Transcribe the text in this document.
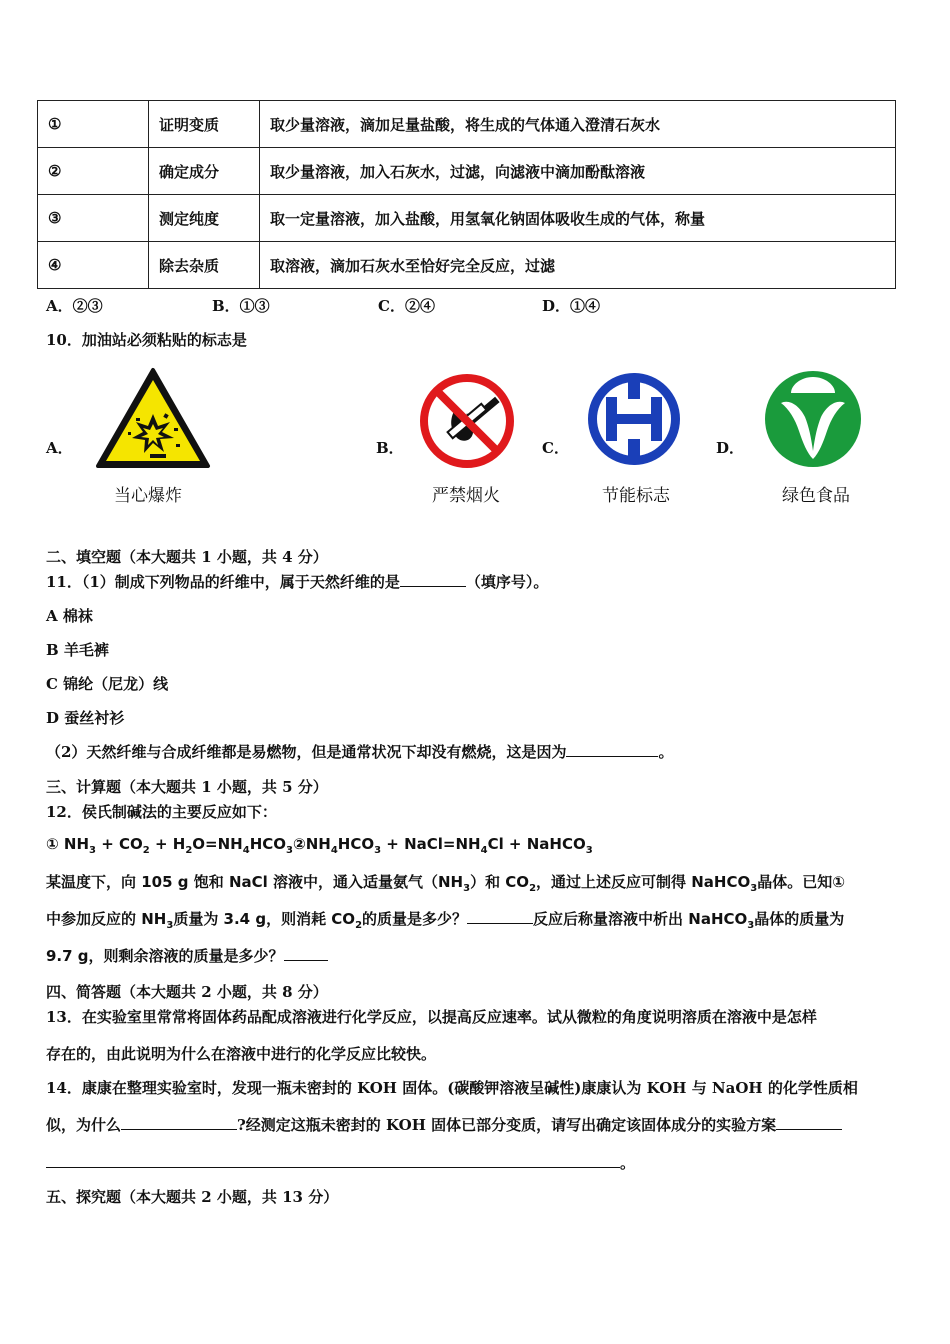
①	证明变质	取少量溶液，滴加足量盐酸，将生成的气体通入澄清石灰水
②	确定成分	取少量溶液，加入石灰水，过滤，向滤液中滴加酚酞溶液
③	测定纯度	取一定量溶液，加入盐酸，用氢氧化钠固体吸收生成的气体，称量
④	除去杂质	取溶液，滴加石灰水至恰好完全反应，过滤
A．②③	B．①③	C．②④	D．①④
10．加油站必须粘贴的标志是
A．	B．	C．	D．
当心爆炸	严禁烟火	节能标志	绿色食品
二、填空题（本大题共 1 小题，共 4 分）
11．（1）制成下列物品的纤维中，属于天然纤维的是	（填序号）。
A 棉袜
B 羊毛裤
C 锦纶（尼龙）线
D 蚕丝衬衫
（2）天然纤维与合成纤维都是易燃物，但是通常状况下却没有燃烧，这是因为	。
三、计算题（本大题共 1 小题，共 5 分）
12．侯氏制碱法的主要反应如下：
① $NH_3 + CO_2$ + $H_2O=NH_4HCO_3②NH_4HCO_3$ + $NaCl=NH_4Cl$ + NaHCO$_3$
某温度下，向 105 g 饱和 NaCl 溶液中，通入适量氨气$(NH_3)$和 $CO_2$，通过上述反应可制得 NaHCO$_3$晶体。已知①
中参加反应的 $NH_3$质量为 3.4 g，则消耗 $CO_2$的质量是多少？	反应后称量溶液中析出 NaHCO$_3$晶体的质量为
9.7 g，则剩余溶液的质量是多少？
四、简答题（本大题共 2 小题，共 8 分）
13．在实验室里常常将固体药品配成溶液进行化学反应，以提高反应速率。试从微粒的角度说明溶质在溶液中是怎样
存在的，由此说明为什么在溶液中进行的化学反应比较快。
14．康康在整理实验室时，发现一瓶未密封的 KOH 固体。(碳酸钾溶液呈碱性)康康认为 KOH 与 NaOH 的化学性质相
似，为什么	?经测定这瓶未密封的 KOH 固体已部分变质，请写出确定该固体成分的实验方案
。
五、探究题（本大题共 2 小题，共 13 分）
